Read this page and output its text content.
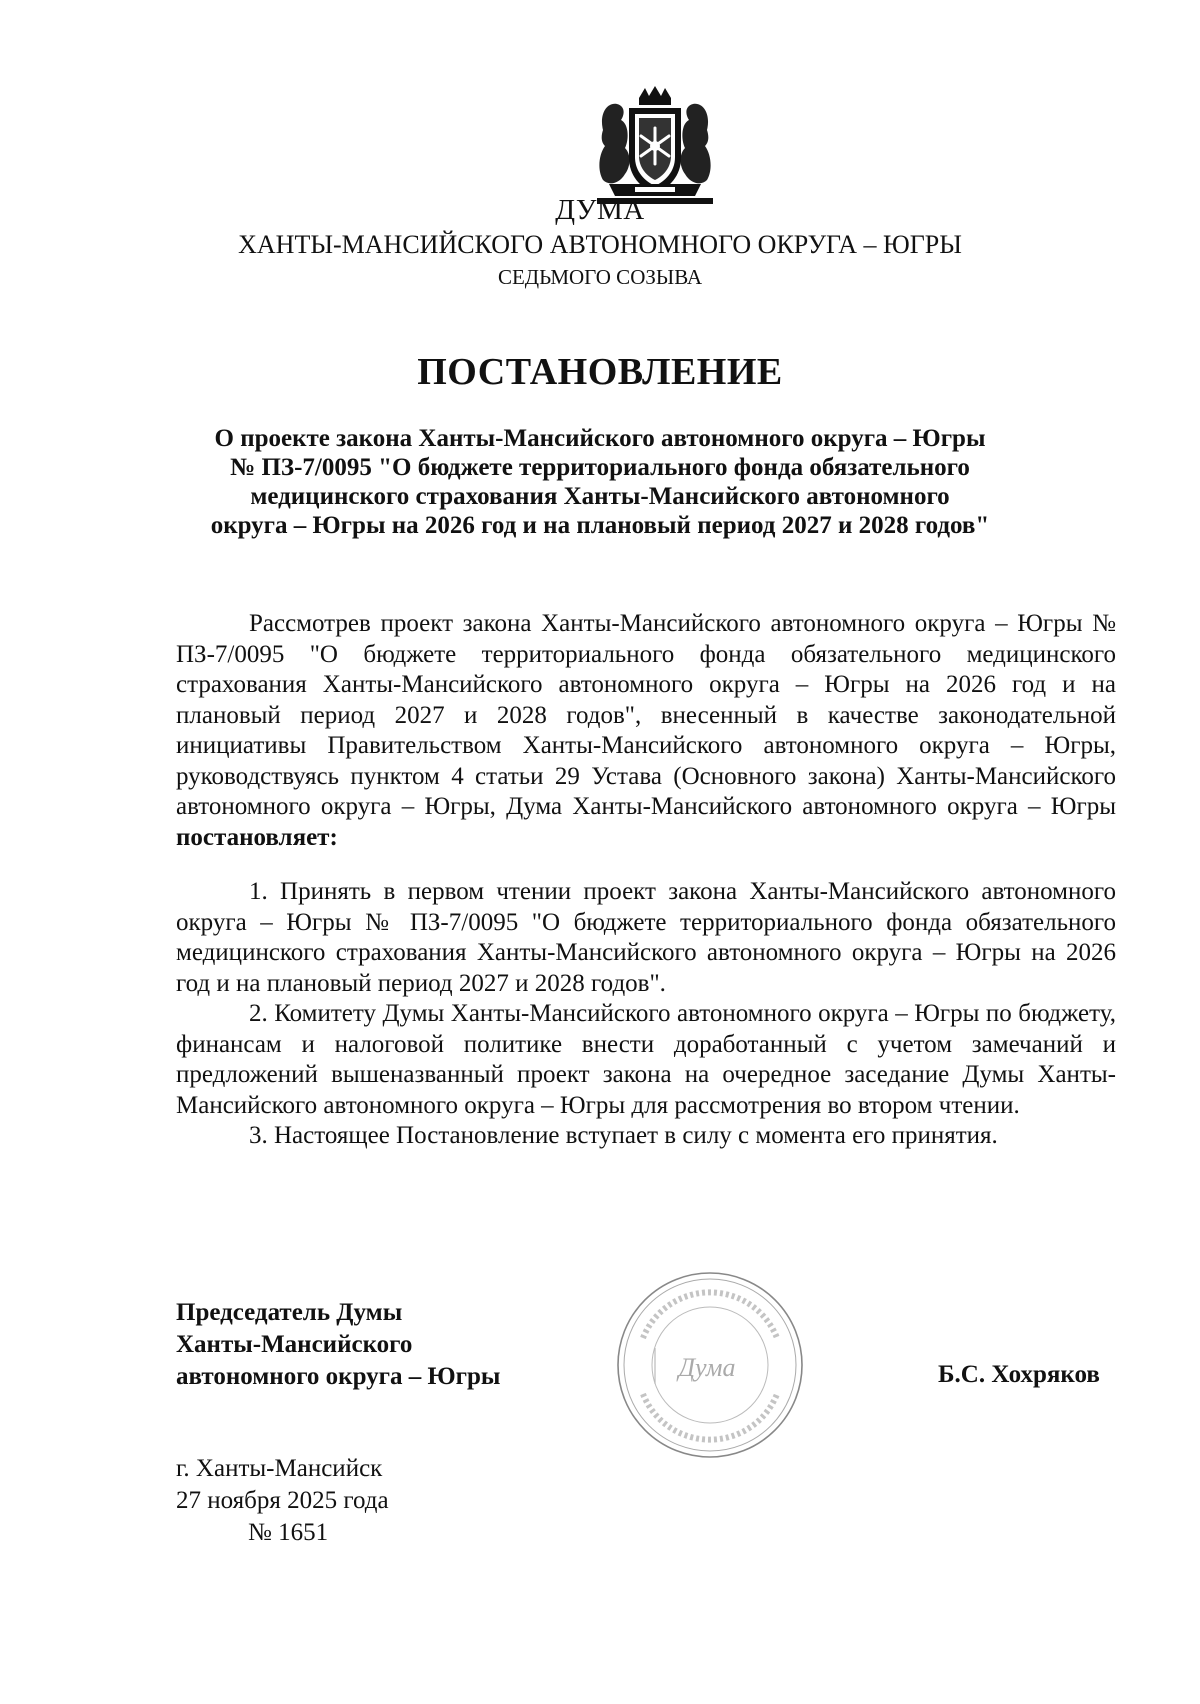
ДУМА
ХАНТЫ-МАНСИЙСКОГО АВТОНОМНОГО ОКРУГА – ЮГРЫ
СЕДЬМОГО СОЗЫВА
ПОСТАНОВЛЕНИЕ
О проекте закона Ханты-Мансийского автономного округа – Югры
№ ПЗ-7/0095 "О бюджете территориального фонда обязательного
медицинского страхования Ханты-Мансийского автономного
округа – Югры на 2026 год и на плановый период 2027 и 2028 годов"

Рассмотрев проект закона Ханты-Мансийского автономного округа – Югры № ПЗ-7/0095 "О бюджете территориального фонда обязательного медицинского страхования Ханты-Мансийского автономного округа – Югры на 2026 год и на плановый период 2027 и 2028 годов", внесенный в качестве законодательной инициативы Правительством Ханты-Мансийского автономного округа – Югры, руководствуясь пунктом 4 статьи 29 Устава (Основного закона) Ханты-Мансийского автономного округа – Югры, Дума Ханты-Мансийского автономного округа – Югры постановляет:

1. Принять в первом чтении проект закона Ханты-Мансийского автономного округа – Югры № ПЗ-7/0095 "О бюджете территориального фонда обязательного медицинского страхования Ханты-Мансийского автономного округа – Югры на 2026 год и на плановый период 2027 и 2028 годов".

2. Комитету Думы Ханты-Мансийского автономного округа – Югры по бюджету, финансам и налоговой политике внести доработанный с учетом замечаний и предложений вышеназванный проект закона на очередное заседание Думы Ханты-Мансийского автономного округа – Югры для рассмотрения во втором чтении.

3. Настоящее Постановление вступает в силу с момента его принятия.

Председатель Думы
Ханты-Мансийского
автономного округа – Югры	Дума	Б.С. Хохряков
г. Ханты-Мансийск
27 ноября 2025 года
№ 1651
